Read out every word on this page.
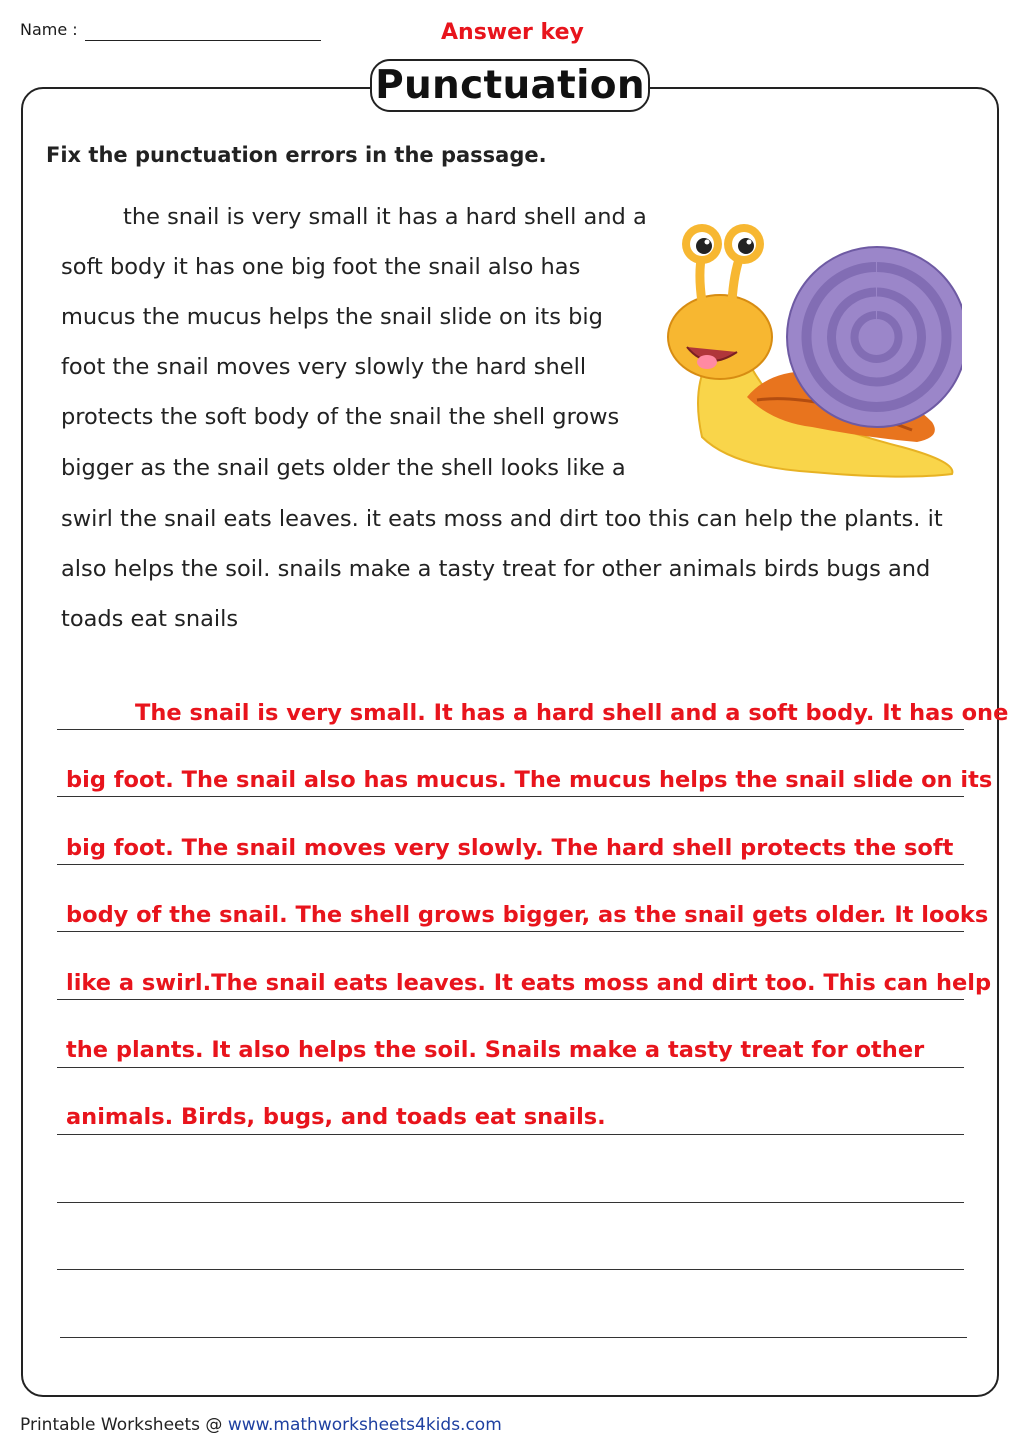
Name :	Answer key
Punctuation
Fix the punctuation errors in the passage.
the snail is very small it has a hard shell and a
soft body it has one big foot the snail also has
mucus the mucus helps the snail slide on its big
foot the snail moves very slowly the hard shell
protects the soft body of the snail the shell grows
bigger as the snail gets older the shell looks like a
swirl the snail eats leaves. it eats moss and dirt too this can help the plants. it
also helps the soil. snails make a tasty treat for other animals birds bugs and
toads eat snails
The snail is very small. It has a hard shell and a soft body. It has one
big foot. The snail also has mucus. The mucus helps the snail slide on its
big foot. The snail moves very slowly. The hard shell protects the soft
body of the snail. The shell grows bigger, as the snail gets older. It looks
like a swirl.The snail eats leaves. It eats moss and dirt too. This can help
the plants. It also helps the soil. Snails make a tasty treat for other
animals. Birds, bugs, and toads eat snails.
Printable Worksheets @ www.mathworksheets4kids.com
